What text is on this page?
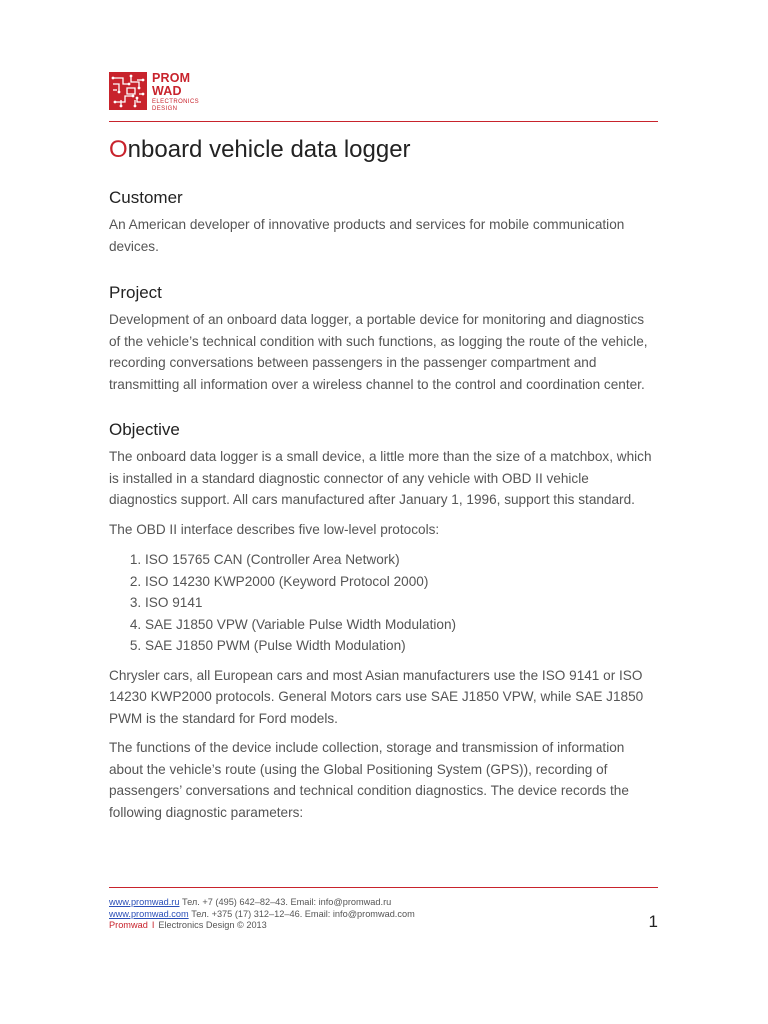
PROM
WAD
ELECTRONICS
DESIGN
Onboard vehicle data logger
Customer

An American developer of innovative products and services for mobile communication devices.

Project

Development of an onboard data logger, a portable device for monitoring and diagnostics of the vehicle’s technical condition with such functions, as logging the route of the vehicle, recording conversations between passengers in the passenger compartment and transmitting all information over a wireless channel to the control and coordination center.

Objective

The onboard data logger is a small device, a little more than the size of a matchbox, which is installed in a standard diagnostic connector of any vehicle with OBD II vehicle diagnostics support. All cars manufactured after January 1, 1996, support this standard.

The OBD II interface describes five low-level protocols:

1. ISO 15765 CAN (Controller Area Network)
2. ISO 14230 KWP2000 (Keyword Protocol 2000)
3. ISO 9141
4. SAE J1850 VPW (Variable Pulse Width Modulation)
5. SAE J1850 PWM (Pulse Width Modulation)

Chrysler cars, all European cars and most Asian manufacturers use the ISO 9141 or ISO 14230 KWP2000 protocols. General Motors cars use SAE J1850 VPW, while SAE J1850 PWM is the standard for Ford models.

The functions of the device include collection, storage and transmission of information about the vehicle’s route (using the Global Positioning System (GPS)), recording of passengers’ conversations and technical condition diagnostics. The device records the following diagnostic parameters:

www.promwad.ru Тел. +7 (495) 642–82–43. Email: info@promwad.ru
www.promwad.com Тел. +375 (17) 312–12–46. Email: info@promwad.com
Promwad I Electronics Design © 2013	1
